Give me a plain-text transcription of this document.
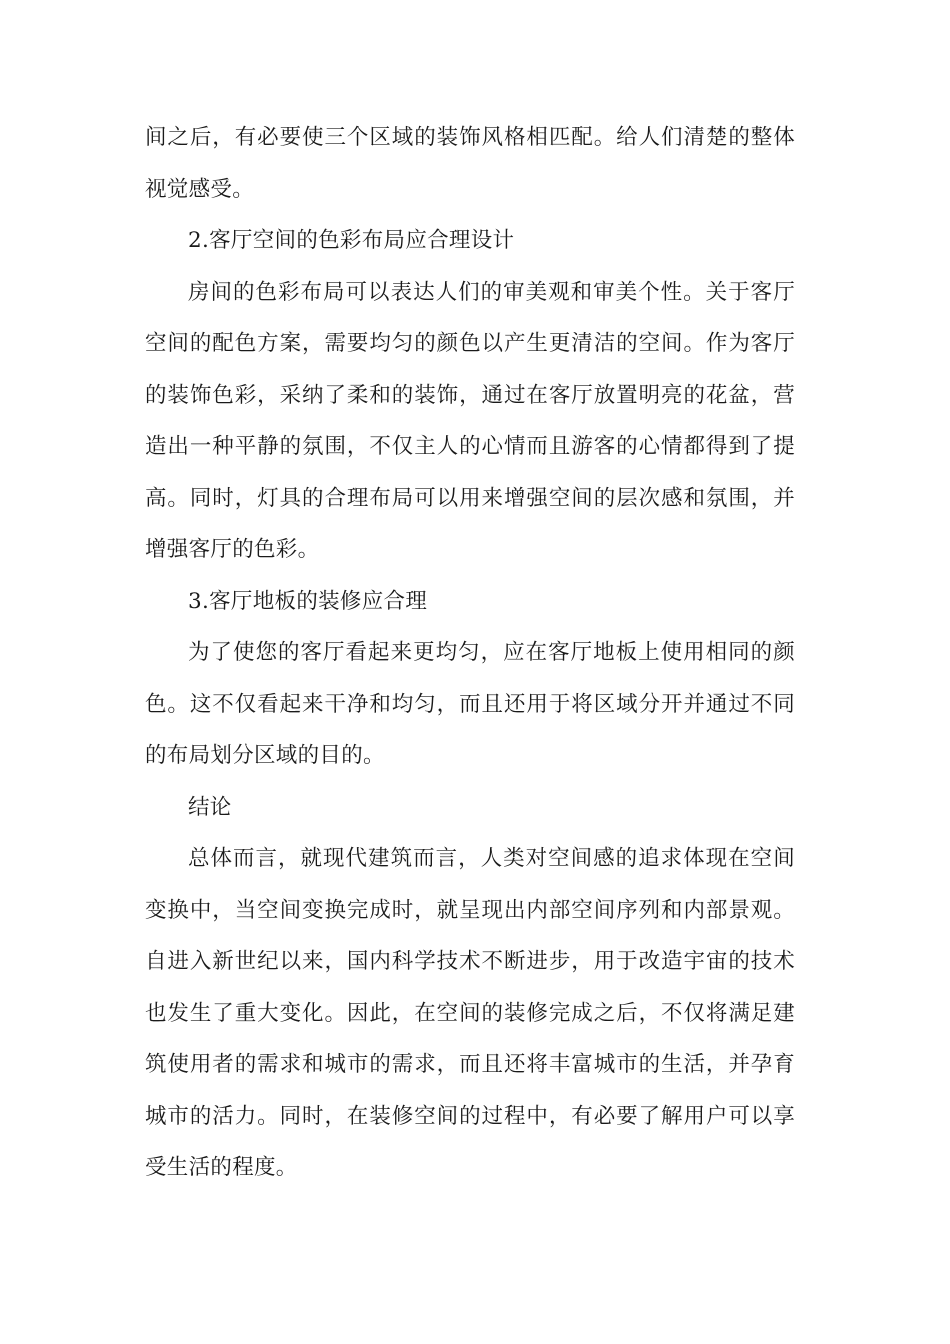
间之后，有必要使三个区域的装饰风格相匹配。给人们清楚的整体视觉感受。

2.客厅空间的色彩布局应合理设计

房间的色彩布局可以表达人们的审美观和审美个性。关于客厅空间的配色方案，需要均匀的颜色以产生更清洁的空间。作为客厅的装饰色彩，采纳了柔和的装饰，通过在客厅放置明亮的花盆，营造出一种平静的氛围，不仅主人的心情而且游客的心情都得到了提高。同时，灯具的合理布局可以用来增强空间的层次感和氛围，并增强客厅的色彩。

3.客厅地板的装修应合理

为了使您的客厅看起来更均匀，应在客厅地板上使用相同的颜色。这不仅看起来干净和均匀，而且还用于将区域分开并通过不同的布局划分区域的目的。

结论

总体而言，就现代建筑而言，人类对空间感的追求体现在空间变换中，当空间变换完成时，就呈现出内部空间序列和内部景观。自进入新世纪以来，国内科学技术不断进步，用于改造宇宙的技术也发生了重大变化。因此，在空间的装修完成之后，不仅将满足建筑使用者的需求和城市的需求，而且还将丰富城市的生活，并孕育城市的活力。同时，在装修空间的过程中，有必要了解用户可以享受生活的程度。
